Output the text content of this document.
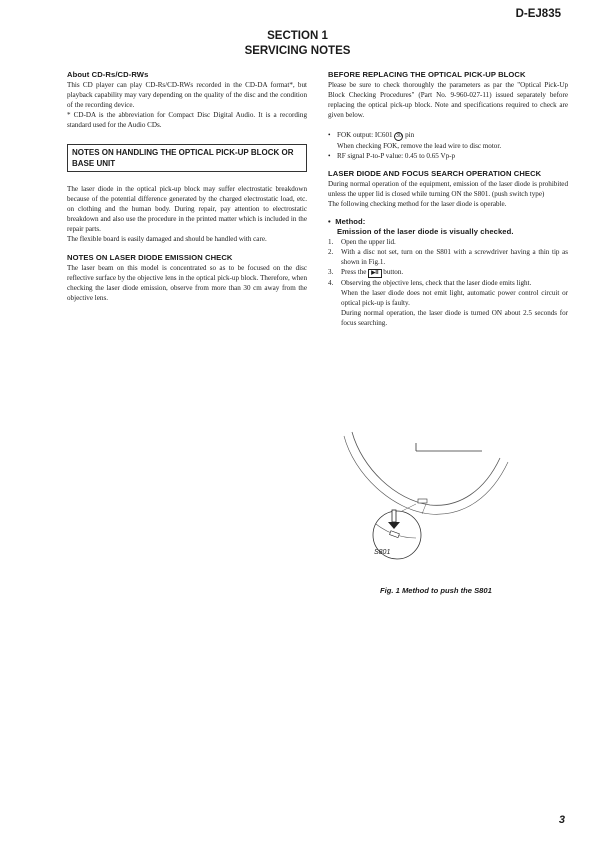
D-EJ835
SECTION 1
SERVICING NOTES
About CD-Rs/CD-RWs

This CD player can play CD-Rs/CD-RWs recorded in the CD-DA format*, but playback capability may vary depending on the quality of the disc and the condition of the recording device.

* CD-DA is the abbreviation for Compact Disc Digital Audio. It is a recording standard used for the Audio CDs.

NOTES ON HANDLING THE OPTICAL PICK-UP BLOCK OR BASE UNIT

The laser diode in the optical pick-up block may suffer electrostatic breakdown because of the potential difference generated by the charged electrostatic load, etc. on clothing and the human body. During repair, pay attention to electrostatic breakdown and also use the procedure in the printed matter which is included in the repair parts.

The flexible board is easily damaged and should be handled with care.

NOTES ON LASER DIODE EMISSION CHECK

The laser beam on this model is concentrated so as to be focused on the disc reflective surface by the objective lens in the optical pick-up block. Therefore, when checking the laser diode emission, observe from more than 30 cm away from the objective lens.

BEFORE REPLACING THE OPTICAL PICK-UP BLOCK

Please be sure to check thoroughly the parameters as par the "Optical Pick-Up Block Checking Procedures" (Part No. 9-960-027-11) issued separately before replacing the optical pick-up block. Note and specifications required to check are given below.

• FOK output: IC601 30 pin
When checking FOK, remove the lead wire to disc motor.
• RF signal P-to-P value: 0.45 to 0.65 Vp-p
LASER DIODE AND FOCUS SEARCH OPERATION CHECK

During normal operation of the equipment, emission of the laser diode is prohibited unless the upper lid is closed while turning ON the S801. (push switch type)

The following checking method for the laser diode is operable.

•  Method:
Emission of the laser diode is visually checked.
1. Open the upper lid.
2. With a disc not set, turn on the S801 with a screwdriver having a thin tip as shown in Fig.1.
3. Press the ▶II button.
4. Observing the objective lens, check that the laser diode emits light.
When the laser diode does not emit light, automatic power control circuit or optical pick-up is faulty.
During normal operation, the laser diode is turned ON about 2.5 seconds for focus searching.
S801
Fig. 1 Method to push the S801
3
